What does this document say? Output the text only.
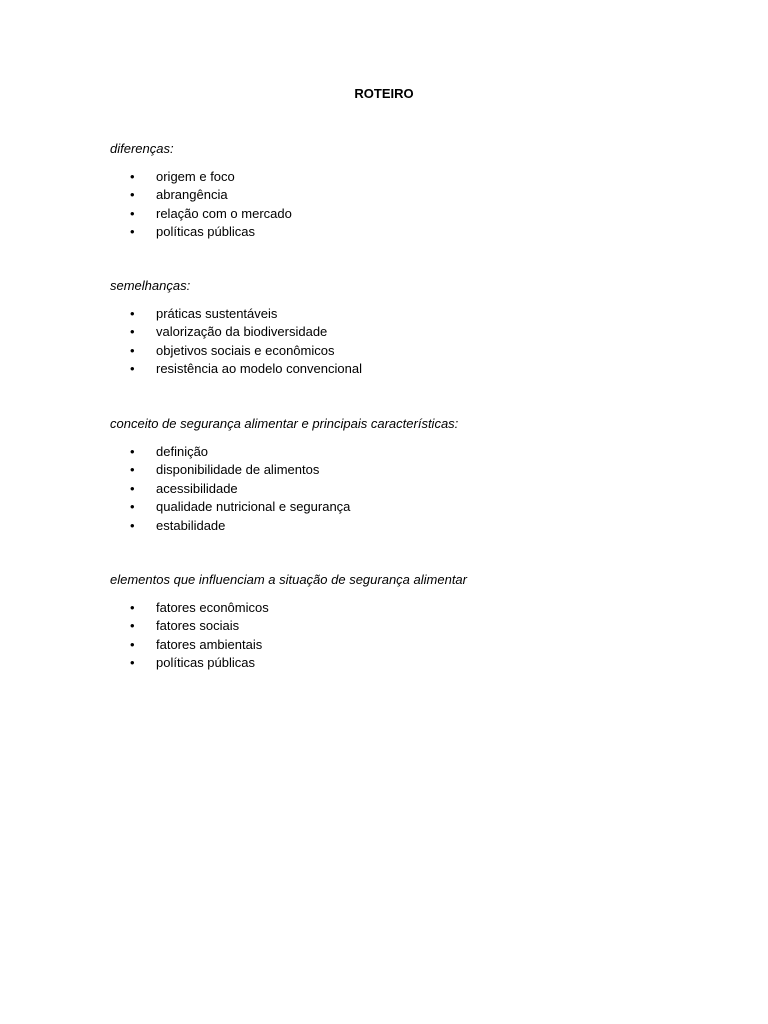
ROTEIRO

diferenças:

• origem e foco
• abrangência
• relação com o mercado
• políticas públicas

semelhanças:

• práticas sustentáveis
• valorização da biodiversidade
• objetivos sociais e econômicos
• resistência ao modelo convencional

conceito de segurança alimentar e principais características:

• definição
• disponibilidade de alimentos
• acessibilidade
• qualidade nutricional e segurança
• estabilidade

elementos que influenciam a situação de segurança alimentar

• fatores econômicos
• fatores sociais
• fatores ambientais
• políticas públicas
